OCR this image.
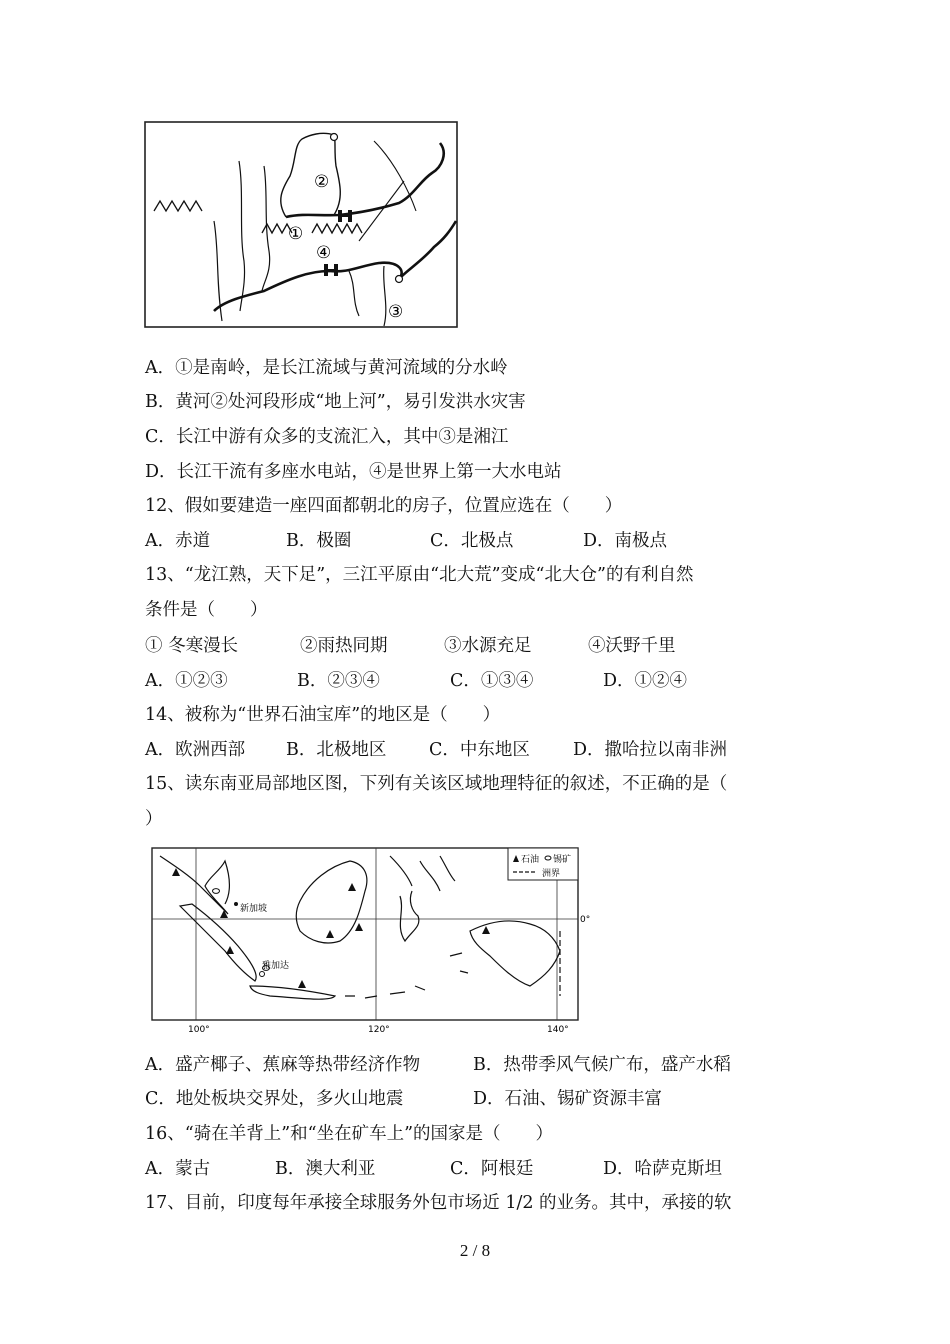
②
①
④
③
A．①是南岭，是长江流域与黄河流域的分水岭
B．黄河②处河段形成“地上河”，易引发洪水灾害
C．长江中游有众多的支流汇入，其中③是湘江
D．长江干流有多座水电站，④是世界上第一大水电站
12、假如要建造一座四面都朝北的房子，位置应选在（　　）
A．赤道	B．极圈	C．北极点	D．南极点
13、“龙江熟，天下足”，三江平原由“北大荒”变成“北大仓”的有利自然
条件是（　　）
① 冬寒漫长	②雨热同期	③水源充足	④沃野千里
A．①②③	B．②③④	C．①③④	D．①②④
14、被称为“世界石油宝库”的地区是（　　）
A．欧洲西部 B．北极地区 C．中东地区 D．撒哈拉以南非洲
15、读东南亚局部地区图，下列有关该区域地理特征的叙述，不正确的是（
）
新加坡
雅加达
石油 锡矿
洲界
100°	120°	140°
0°
A．盛产椰子、蕉麻等热带经济作物	B．热带季风气候广布，盛产水稻
C．地处板块交界处，多火山地震	D．石油、锡矿资源丰富
16、“骑在羊背上”和“坐在矿车上”的国家是（　　）
A．蒙古	B．澳大利亚	C．阿根廷	D．哈萨克斯坦
17、目前，印度每年承接全球服务外包市场近 1/2 的业务。其中，承接的软
2 / 8
